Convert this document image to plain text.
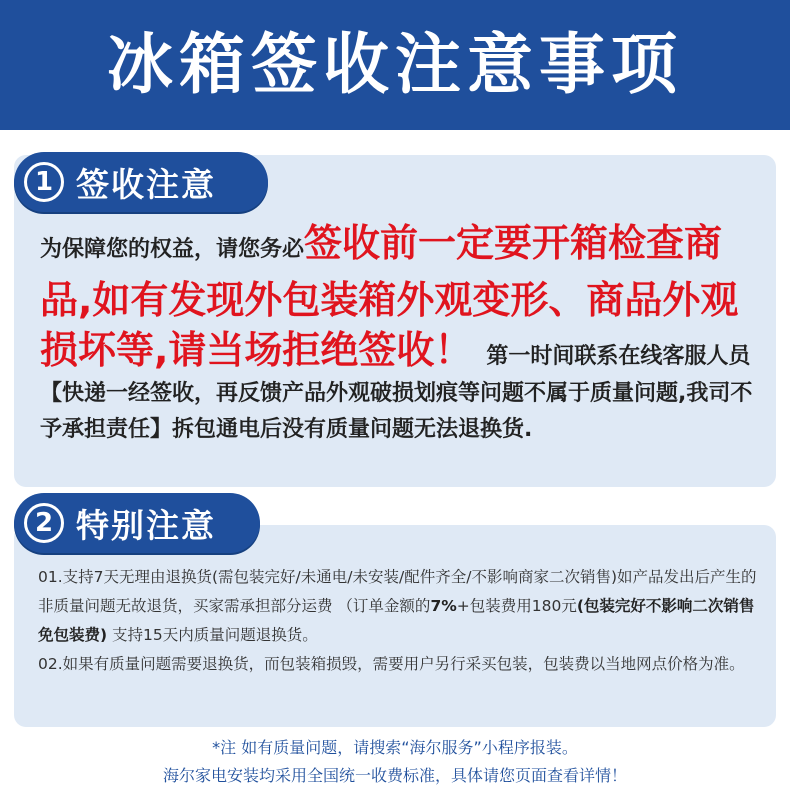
冰箱签收注意事项
1 签收注意
为保障您的权益，请您务必签收前一定要开箱检查商品,如有发现外包装箱外观变形、商品外观损坏等,请当场拒绝签收！ 第一时间联系在线客服人员
【快递一经签收，再反馈产品外观破损划痕等问题不属于质量问题,我司不予承担责任】拆包通电后没有质量问题无法退换货.
2 特别注意
01.支持7天无理由退换货(需包装完好/未通电/未安装/配件齐全/不影响商家二次销售)如产品发出后产生的非质量问题无故退货，买家需承担部分运费 （订单金额的7%+包装费用180元(包装完好不影响二次销售免包装费) 支持15天内质量问题退换货。
02.如果有质量问题需要退换货，而包装箱损毁，需要用户另行采买包装，包装费以当地网点价格为准。
*注 如有质量问题，请搜索“海尔服务”小程序报装。
海尔家电安装均采用全国统一收费标准，具体请您页面查看详情！
